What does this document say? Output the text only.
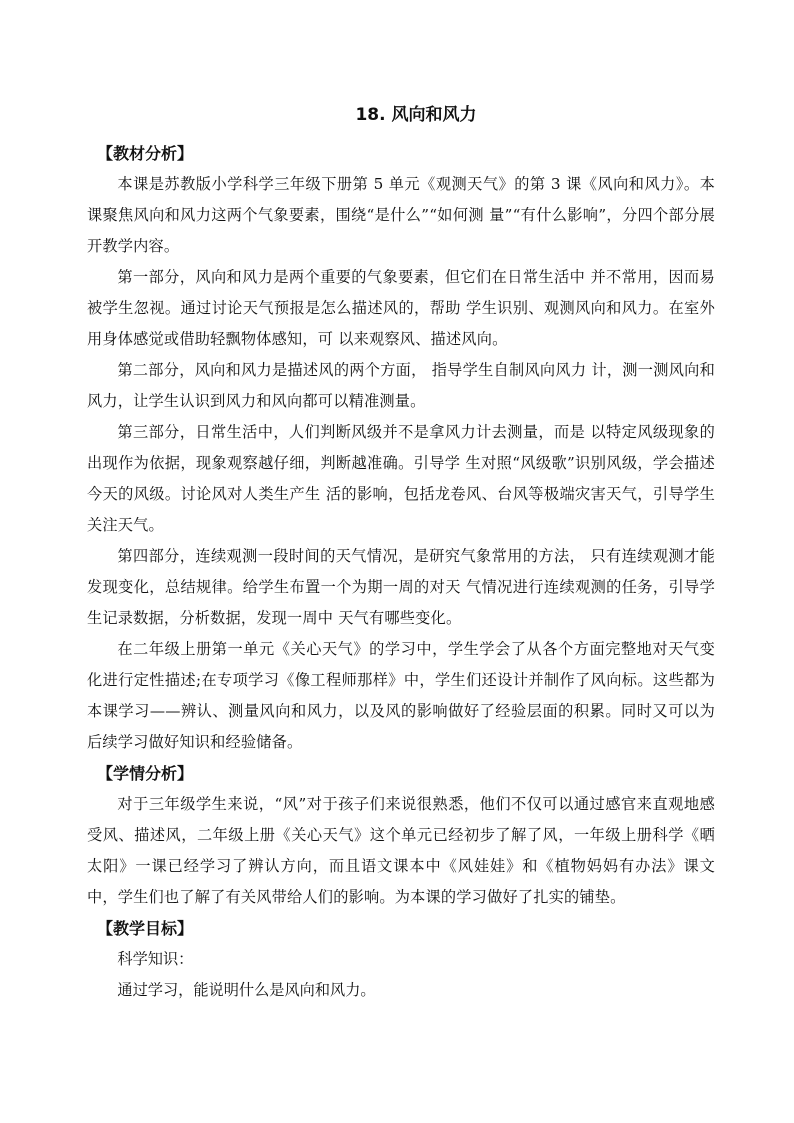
18. 风向和风力
【教材分析】

本课是苏教版小学科学三年级下册第 5 单元《观测天气》的第 3 课《风向和风力》。本课聚焦风向和风力这两个气象要素，围绕“是什么”“如何测 量”“有什么影响”，分四个部分展开教学内容。

第一部分，风向和风力是两个重要的气象要素，但它们在日常生活中 并不常用，因而易被学生忽视。通过讨论天气预报是怎么描述风的，帮助 学生识别、观测风向和风力。在室外用身体感觉或借助轻飘物体感知，可 以来观察风、描述风向。

第二部分，风向和风力是描述风的两个方面， 指导学生自制风向风力 计，测一测风向和风力，让学生认识到风力和风向都可以精准测量。

第三部分，日常生活中，人们判断风级并不是拿风力计去测量，而是 以特定风级现象的出现作为依据，现象观察越仔细，判断越准确。引导学 生对照“风级歌”识别风级，学会描述今天的风级。讨论风对人类生产生 活的影响，包括龙卷风、台风等极端灾害天气，引导学生关注天气。

第四部分，连续观测一段时间的天气情况，是研究气象常用的方法， 只有连续观测才能发现变化，总结规律。给学生布置一个为期一周的对天 气情况进行连续观测的任务，引导学生记录数据，分析数据，发现一周中 天气有哪些变化。

在二年级上册第一单元《关心天气》的学习中，学生学会了从各个方面完整地对天气变化进行定性描述;在专项学习《像工程师那样》中，学生们还设计并制作了风向标。这些都为本课学习——辨认、测量风向和风力，以及风的影响做好了经验层面的积累。同时又可以为后续学习做好知识和经验储备。

【学情分析】

对于三年级学生来说，“风”对于孩子们来说很熟悉，他们不仅可以通过感官来直观地感受风、描述风，二年级上册《关心天气》这个单元已经初步了解了风，一年级上册科学《晒太阳》一课已经学习了辨认方向，而且语文课本中《风娃娃》和《植物妈妈有办法》课文中，学生们也了解了有关风带给人们的影响。为本课的学习做好了扎实的铺垫。

【教学目标】

科学知识：

通过学习，能说明什么是风向和风力。
